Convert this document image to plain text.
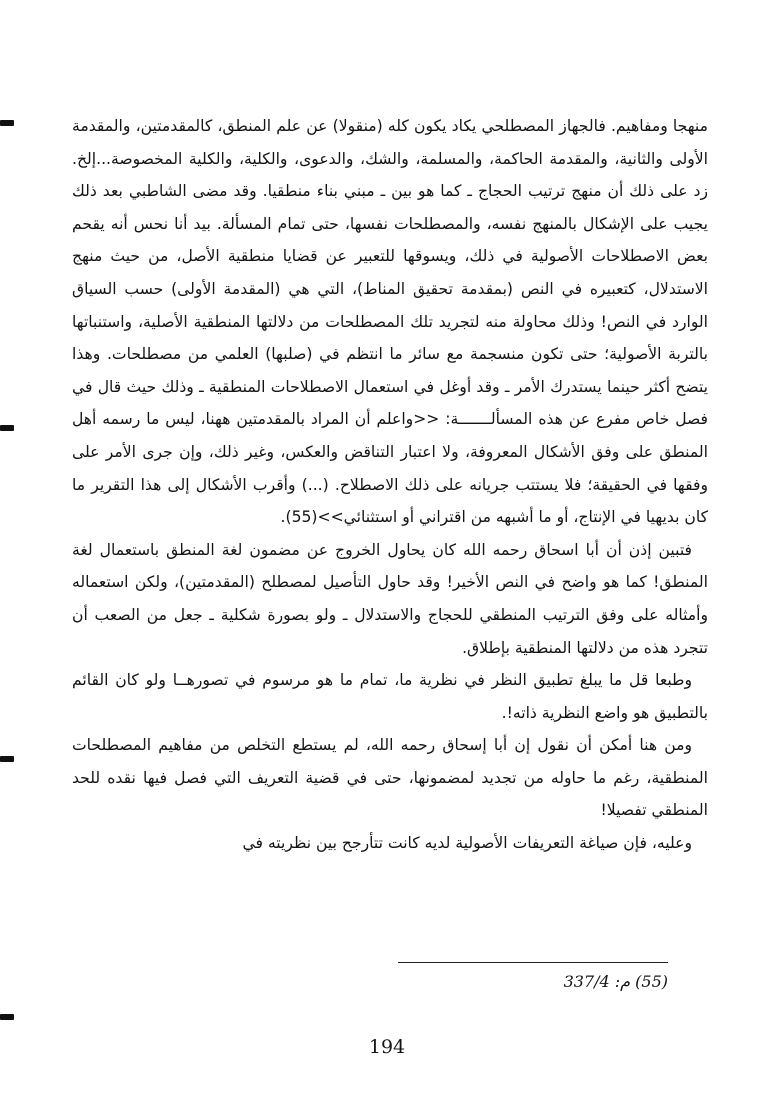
منهجا ومفاهيم. فالجهاز المصطلحي يكاد يكون كله (منقولا) عن علم المنطق، كالمقدمتين، والمقدمة الأولى والثانية، والمقدمة الحاكمة، والمسلمة، والشك، والدعوى، والكلية، والكلية المخصوصة...إلخ. زد على ذلك أن منهج ترتيب الحجاج ـ كما هو بين ـ مبني بناء منطقيا. وقد مضى الشاطبي بعد ذلك يجيب على الإشكال بالمنهج نفسه، والمصطلحات نفسها، حتى تمام المسألة. بيد أنا نحس أنه يقحم بعض الاصطلاحات الأصولية في ذلك، ويسوقها للتعبير عن قضايا منطقية الأصل، من حيث منهج الاستدلال، كتعبيره في النص (بمقدمة تحقيق المناط)، التي هي (المقدمة الأولى) حسب السياق الوارد في النص! وذلك محاولة منه لتجريد تلك المصطلحات من دلالتها المنطقية الأصلية، واستنباتها بالتربة الأصولية؛ حتى تكون منسجمة مع سائر ما انتظم في (صلبها) العلمي من مصطلحات. وهذا يتضح أكثر حينما يستدرك الأمر ـ وقد أوغل في استعمال الاصطلاحات المنطقية ـ وذلك حيث قال في فصل خاص مفرع عن هذه المسألـــــــة: <<واعلم أن المراد بالمقدمتين ههنا، ليس ما رسمه أهل المنطق على وفق الأشكال المعروفة، ولا اعتبار التناقض والعكس، وغير ذلك، وإن جرى الأمر على وفقها في الحقيقة؛ فلا يستتب جريانه على ذلك الاصطلاح. (...) وأقرب الأشكال إلى هذا التقرير ما كان بديهيا في الإنتاج، أو ما أشبهه من اقتراني أو استثنائي>>(55).

فتبين إذن أن أبا اسحاق رحمه الله كان يحاول الخروج عن مضمون لغة المنطق باستعمال لغة المنطق! كما هو واضح في النص الأخير! وقد حاول التأصيل لمصطلح (المقدمتين)، ولكن استعماله وأمثاله على وفق الترتيب المنطقي للحجاج والاستدلال ـ ولو بصورة شكلية ـ جعل من الصعب أن تتجرد هذه من دلالتها المنطقية بإطلاق.

وطبعا قل ما يبلغ تطبيق النظر في نظرية ما، تمام ما هو مرسوم في تصورهــا ولو كان القائم بالتطبيق هو واضع النظرية ذاته!.

ومن هنا أمكن أن نقول إن أبا إسحاق رحمه الله، لم يستطع التخلص من مفاهيم المصطلحات المنطقية، رغم ما حاوله من تجديد لمضمونها، حتى في قضية التعريف التي فصل فيها نقده للحد المنطقي تفصيلا!

وعليه، فإن صياغة التعريفات الأصولية لديه كانت تتأرجح بين نظريته في

(55) م: 337/4
194
